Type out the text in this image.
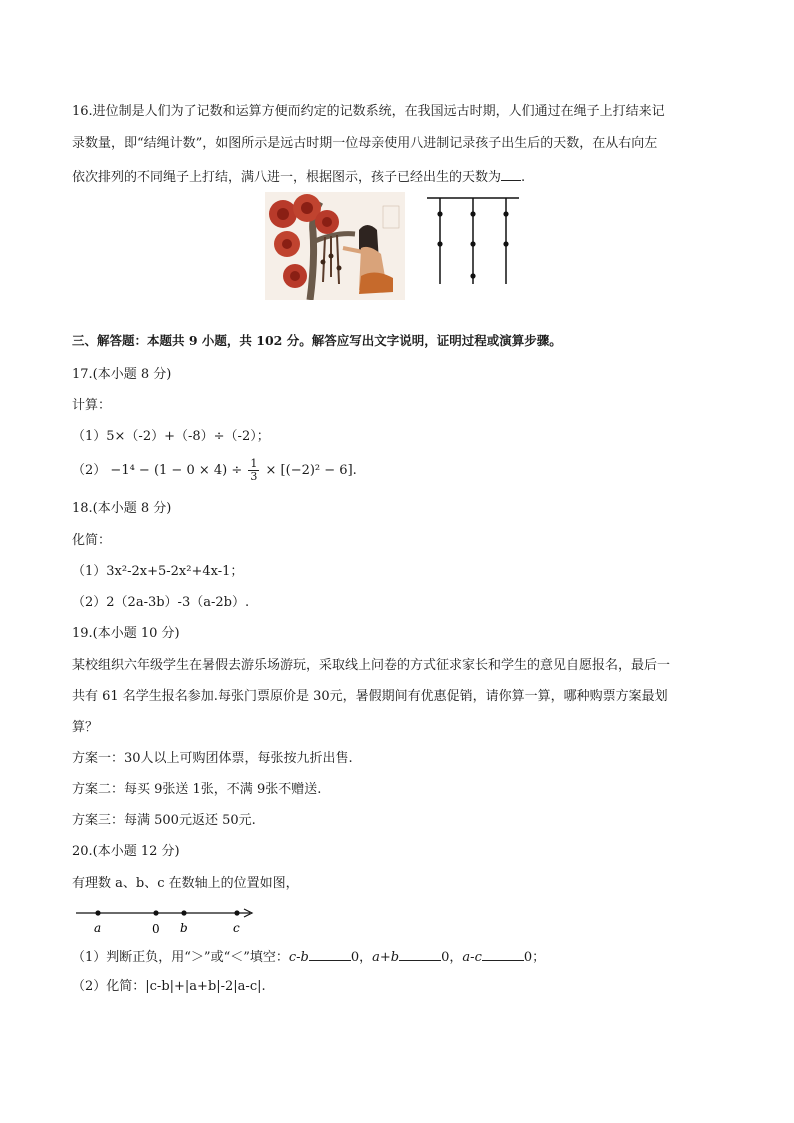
16.进位制是人们为了记数和运算方便而约定的记数系统，在我国远古时期，人们通过在绳子上打结来记
录数量，即“结绳计数”，如图所示是远古时期一位母亲使用八进制记录孩子出生后的天数，在从右向左
依次排列的不同绳子上打结，满八进一，根据图示，孩子已经出生的天数为 .
三、解答题：本题共 9 小题，共 102 分。解答应写出文字说明，证明过程或演算步骤。
17.(本小题 8 分)
计算：
（1）5×（-2）+（-8）÷（-2）；
$(2) -1^4 - (1 - 0 \times 4) \div \frac{1}{3} \times [(-2)^2 - 6]$.
18.(本小题 8 分)
化简：
（1）3x²-2x+5-2x²+4x-1；
（2）2（2a-3b）-3（a-2b）.
19.(本小题 10 分)
某校组织六年级学生在暑假去游乐场游玩，采取线上问卷的方式征求家长和学生的意见自愿报名，最后一
共有 61 名学生报名参加.每张门票原价是 30元，暑假期间有优惠促销，请你算一算，哪种购票方案最划
算？
方案一：30人以上可购团体票，每张按九折出售.
方案二：每买 9张送 1张，不满 9张不赠送.
方案三：每满 500元返还 50元.
20.(本小题 12 分)
有理数 a、b、c 在数轴上的位置如图，
a	0 b	c
（1）判断正负，用“＞”或“＜”填空：c-b	0，a+b	0，a-c	0；
（2）化简：|c-b|+|a+b|-2|a-c|.
